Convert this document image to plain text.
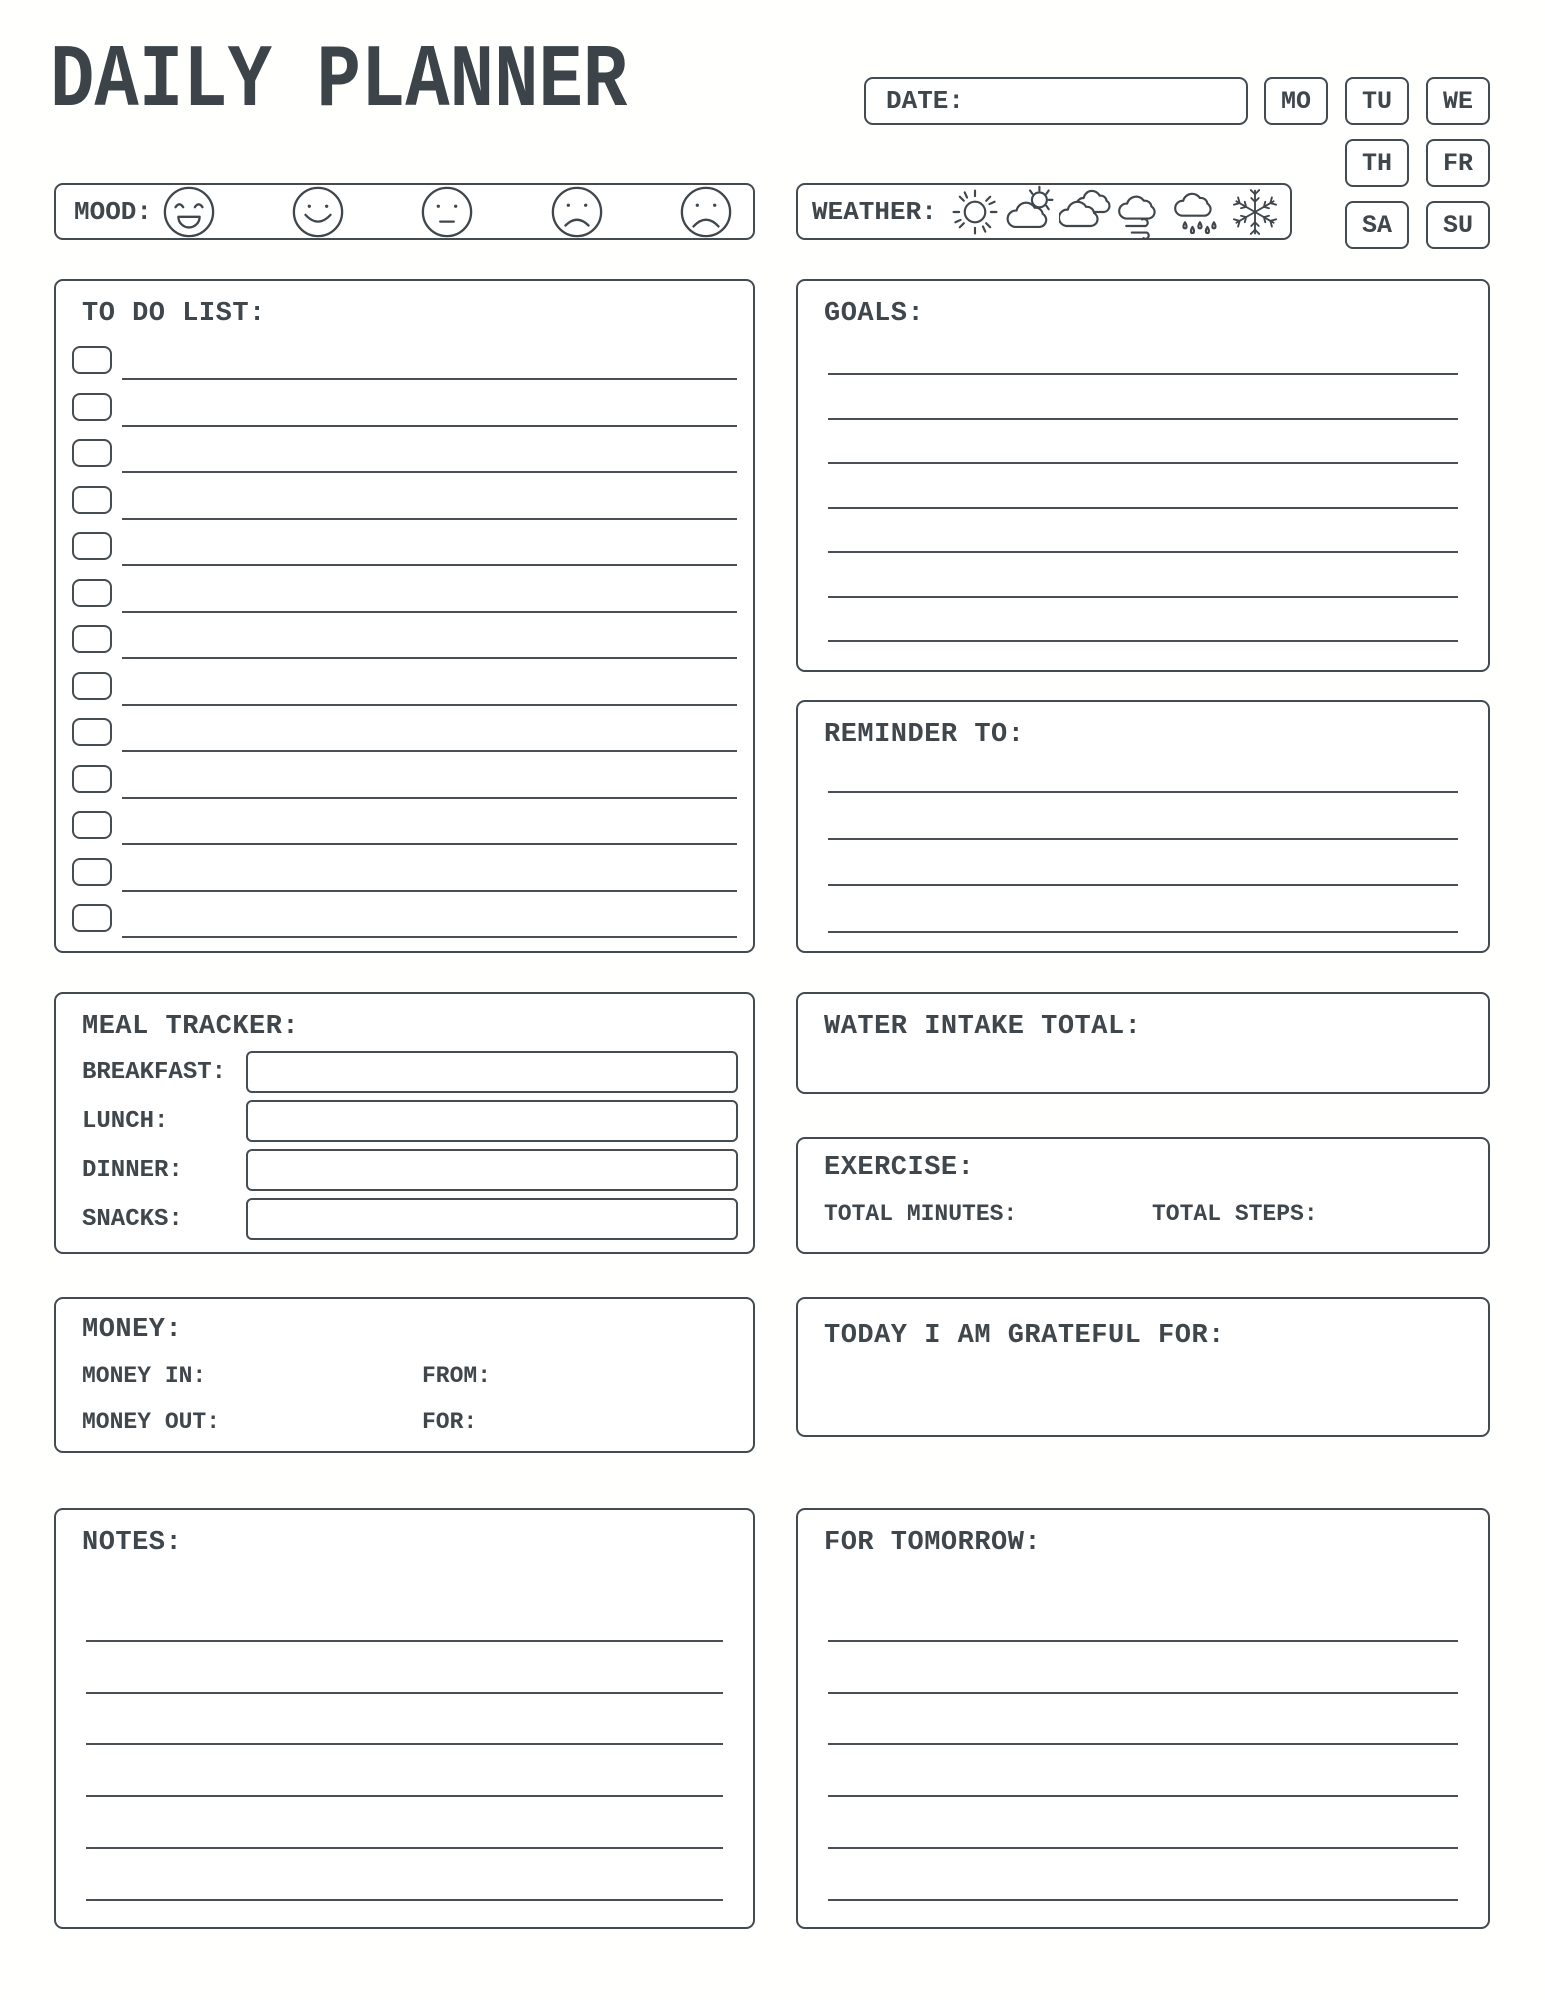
DAILY PLANNER	DATE:	MO	TU	WE
TH	FR
SA	SU
MOOD:	WEATHER:
TO DO LIST:	GOALS:
REMINDER TO:
MEAL TRACKER:
BREAKFAST:
LUNCH:
DINNER:
SNACKS:
WATER INTAKE TOTAL:
EXERCISE:
TOTAL MINUTES:	TOTAL STEPS:
MONEY:
MONEY IN:	FROM:
MONEY OUT:	FOR:
TODAY I AM GRATEFUL FOR:
NOTES:	FOR TOMORROW:
